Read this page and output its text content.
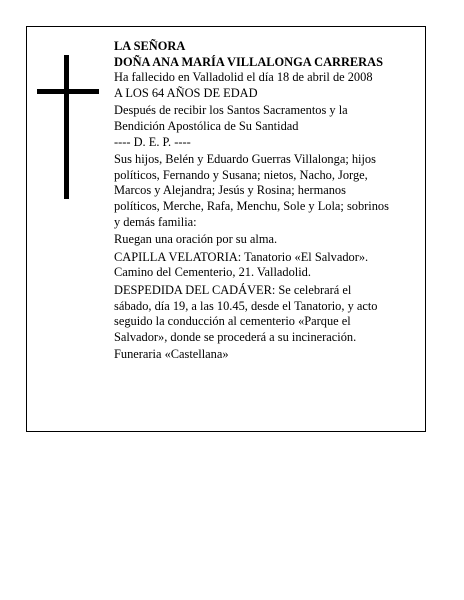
LA SEÑORA

DOÑA ANA MARÍA VILLALONGA CARRERAS

Ha fallecido en Valladolid el día 18 de abril de 2008

A LOS 64 AÑOS DE EDAD

Después de recibir los Santos Sacramentos y la

Bendición Apostólica de Su Santidad

---- D. E. P. ----

Sus hijos, Belén y Eduardo Guerras Villalonga; hijos

políticos, Fernando y Susana; nietos, Nacho, Jorge,

Marcos y Alejandra; Jesús y Rosina; hermanos

políticos, Merche, Rafa, Menchu, Sole y Lola; sobrinos

y demás familia:

Ruegan una oración por su alma.

CAPILLA VELATORIA: Tanatorio «El Salvador».

Camino del Cementerio, 21. Valladolid.

DESPEDIDA DEL CADÁVER: Se celebrará el

sábado, día 19, a las 10.45, desde el Tanatorio, y acto

seguido la conducción al cementerio «Parque el

Salvador», donde se procederá a su incineración.

Funeraria «Castellana»
